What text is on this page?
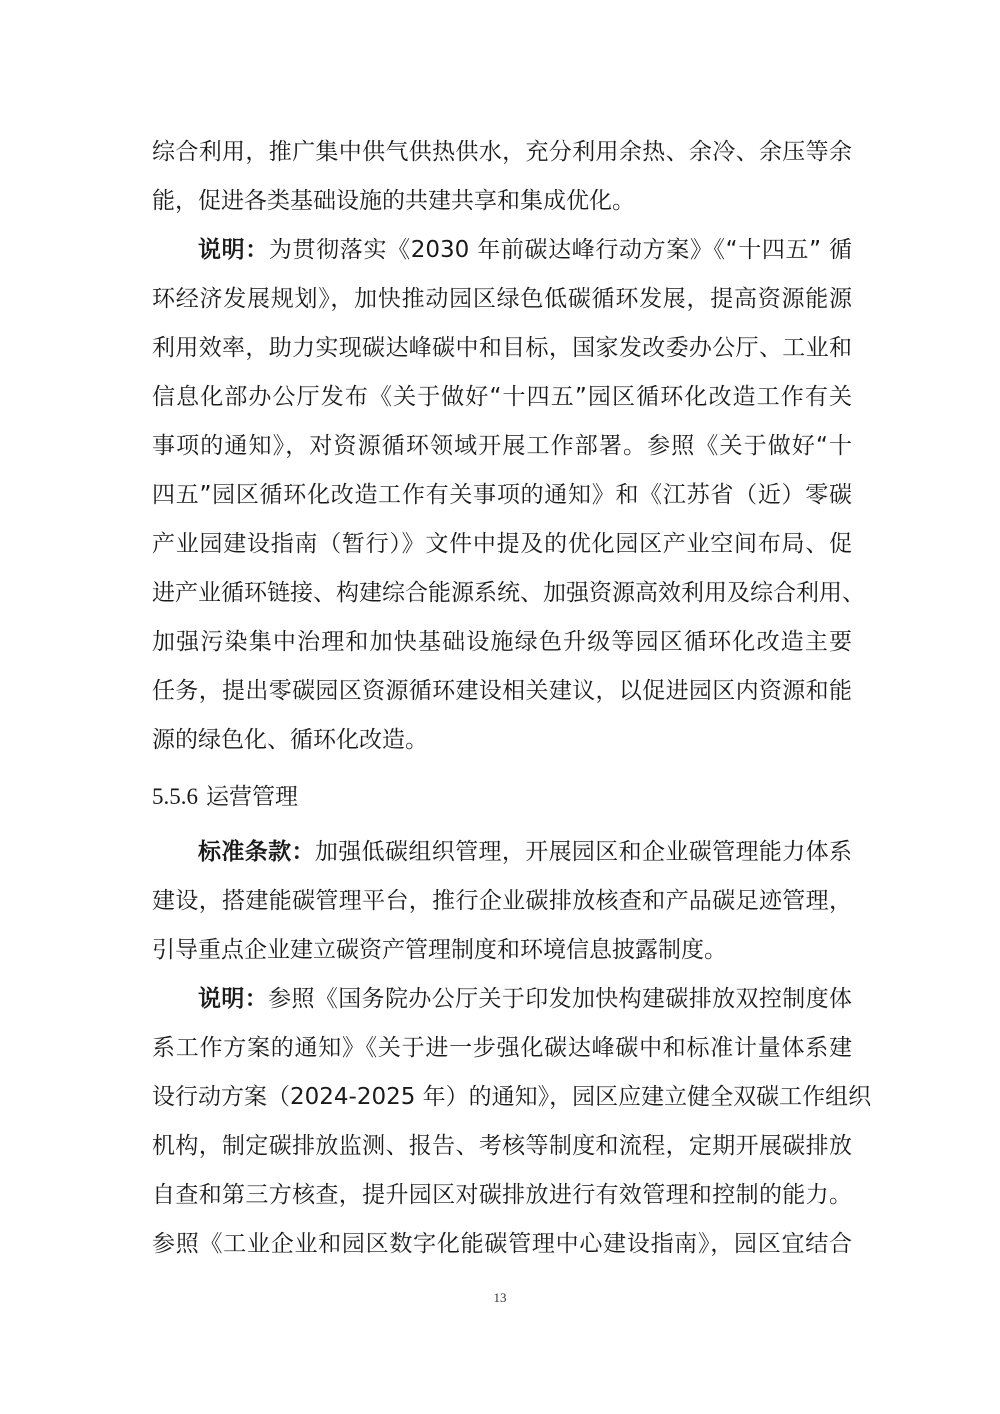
综合利用，推广集中供气供热供水，充分利用余热、余冷、余压等余
能，促进各类基础设施的共建共享和集成优化。
说明：为贯彻落实《2030 年前碳达峰行动方案》《“十四五” 循
环经济发展规划》，加快推动园区绿色低碳循环发展，提高资源能源
利用效率，助力实现碳达峰碳中和目标，国家发改委办公厅、工业和
信息化部办公厅发布《关于做好“十四五”园区循环化改造工作有关
事项的通知》，对资源循环领域开展工作部署。参照《关于做好“十
四五”园区循环化改造工作有关事项的通知》和《江苏省（近）零碳
产业园建设指南（暂行）》文件中提及的优化园区产业空间布局、促
进产业循环链接、构建综合能源系统、加强资源高效利用及综合利用、
加强污染集中治理和加快基础设施绿色升级等园区循环化改造主要
任务，提出零碳园区资源循环建设相关建议，以促进园区内资源和能
源的绿色化、循环化改造。
5.5.6 运营管理
标准条款：加强低碳组织管理，开展园区和企业碳管理能力体系
建设，搭建能碳管理平台，推行企业碳排放核查和产品碳足迹管理，
引导重点企业建立碳资产管理制度和环境信息披露制度。
说明：参照《国务院办公厅关于印发加快构建碳排放双控制度体
系工作方案的通知》《关于进一步强化碳达峰碳中和标准计量体系建
设行动方案（2024-2025 年）的通知》，园区应建立健全双碳工作组织
机构，制定碳排放监测、报告、考核等制度和流程，定期开展碳排放
自查和第三方核查，提升园区对碳排放进行有效管理和控制的能力。
参照《工业企业和园区数字化能碳管理中心建设指南》，园区宜结合
13
